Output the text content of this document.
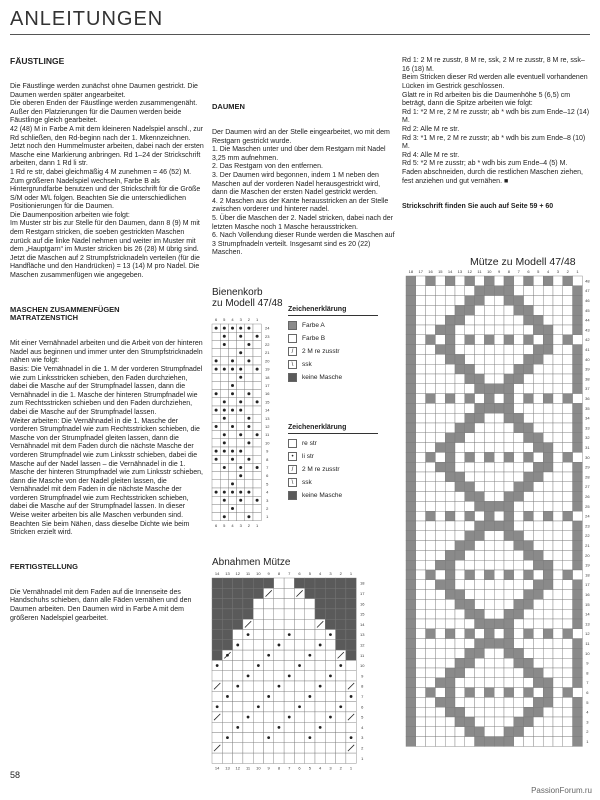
ANLEITUNGEN

FÄUSTLINGE

Die Fäustlinge werden zunächst ohne Daumen gestrickt. Die Daumen werden später angearbeitet.
Die oberen Enden der Fäustlinge werden zusammengenäht. Außer den Platzierungen für die Daumen werden beide Fäustlinge gleich gearbeitet.
42 (48) M in Farbe A mit dem kleineren Nadelspiel anschl., zur Rd schließen, den Rd-beginn nach der 1. Mkennzeichnen. Jetzt noch den Hummelmuster arbeiten, dabei nach der ersten Masche eine Markierung anbringen. Rd 1–24 der Strickschrift arbeiten, dann 1 Rd li str.
1 Rd re str, dabei gleichmäßig 4 M zunehmen = 46 (52) M.
Zum größeren Nadelspiel wechseln, Farbe B als Hintergrundfarbe benutzen und der Strickschrift für die Größe S/M oder M/L folgen. Beachten Sie die unterschiedlichen Positionierungen für die Daumen.
Die Daumenposition arbeiten wie folgt:
Im Muster str bis zur Stelle für den Daumen, dann 8 (9) M mit dem Restgarn stricken, die soeben gestrickten Maschen zurück auf die linke Nadel nehmen und weiter im Muster mit dem „Hauptgarn“ im Muster stricken bis 26 (28) M übrig sind.
Jetzt die Maschen auf 2 Strumpfstricknadeln verteilen (für die Handfläche und den Handrücken) = 13 (14) M pro Nadel. Die Maschen zusammenfügen wie angegeben.

MASCHEN ZUSAMMENFÜGEN
MATRATZENSTICH

Mit einer Vernähnadel arbeiten und die Arbeit von der hinteren Nadel aus beginnen und immer unter den Strumpfstricknadeln nähen wie folgt:
Basis: Die Vernähnadel in die 1. M der vorderen Strumpfnadel wie zum Linksstricken schieben, den Faden durchziehen, dabei die Masche auf der Strumpfnadel lassen, dann die Vernähnadel in die 1. Masche der hinteren Strumpfnadel wie zum Rechtsstricken schieben und den Faden durchziehen, dabei die Masche auf der Strumpfnadel lassen.
Weiter arbeiten: Die Vernähnadel in die 1. Masche der vorderen Strumpfnadel wie zum Rechtsstricken schieben, die Masche von der Strumpfnadel gleiten lassen, dann die Vernähnadel mit dem Faden durch die nächste Masche der vorderen Strumpfnadel wie zum Linksstr schieben, dabei die Masche auf der Nadel lassen – die Vernähnadel in die 1. Masche der hinteren Strumpfnadel wie zum Linksstr schieben, dann die Masche von der Nadel gleiten lassen, die Vernähnadel mit dem Faden in die nächste Masche der vorderen Strumpfnadel wie zum Rechtsstricken schieben, dabei die Masche auf der Strumpfnadel lassen. In dieser Weise weiter arbeiten bis alle Maschen verbunden sind. Beachten Sie beim Nähen, dass dieselbe Dichte wie beim Stricken erzielt wird.

FERTIGSTELLUNG

Die Vernähnadel mit dem Faden auf die Innenseite des Handschuhs schieben, dann alle Fäden vernähen und den Daumen arbeiten. Den Daumen wird in Farbe A mit dem größeren Nadelspiel gearbeitet.

DAUMEN

Der Daumen wird an der Stelle eingearbeitet, wo mit dem Restgarn gestrickt wurde.
1. Die Maschen unter und über dem Restgarn mit Nadel 3,25 mm aufnehmen.
2. Das Restgarn von den entfernen.
3. Der Daumen wird begonnen, indem 1 M neben den Maschen auf der vorderen Nadel herausgestrickt wird, dann die Maschen der ersten Nadel gestrickt werden.
4. 2 Maschen aus der Kante herausstricken an der Stelle zwischen vorderer und hinterer nadel.
5. Über die Maschen der 2. Nadel stricken, dabei nach der letzten Masche noch 1 Masche herausstricken.
6. Nach Vollendung dieser Runde werden die Maschen auf 3 Strumpfnadeln verteilt. Insgesamt sind es 20 (22) Maschen.

Rd 1: 2 M re zusstr, 8 M re, ssk, 2 M re zusstr, 8 M re, ssk–16 (18) M.
Beim Stricken dieser Rd werden alle eventuell vorhandenen Lücken im Gestrick geschlossen.
Glatt re in Rd arbeiten bis die Daumenhöhe 5 (6,5) cm beträgt, dann die Spitze arbeiten wie folgt:
Rd 1: *2 M re, 2 M re zusstr; ab * wdh bis zum Ende–12 (14) M.
Rd 2: Alle M re str.
Rd 3: *1 M re, 2 M re zusstr; ab * wdh bis zum Ende–8 (10) M.
Rd 4: Alle M re str.
Rd 5: *2 M re zusstr; ab * wdh bis zum Ende–4 (5) M.
Faden abschneiden, durch die restlichen Maschen ziehen, fest anziehen und gut vernähen. ■

Strickschrift finden Sie auch auf Seite 59 + 60

Bienenkorb
zu Modell 47/48
6 5 4 3 2 1
24
23
22
21
20
19
18
17
16
15
14
13
12
11
10
9
8
7
6
5
4
3
2
1
6 5 4 3 2 1
Zeichenerklärung
Farbe A
Farbe B
/	2 M re zusstr
\	ssk
keine Masche
Zeichenerklärung
re str
•	li str
/	2 M re zusstr
\	ssk
keine Masche
Abnahmen Mütze
14 13 12 11 10 9 8 7 6 5 4 3 2 1
18
17
16
15
14
13
12
11
10
9
8
7
6
5
4
3
2
1
14 13 12 11 10 9 8 7 6 5 4 3 2 1
Mütze zu Modell 47/48
18 17 16 15 14 13 12 11 10 9 8 7 6 5 4 3 2 1
48
47
46
45
44
43
42
41
40
39
38
37
36
35
34
33
32
31
30
29
28
27
26
25
24
23
22
21
20
19
18
17
16
15
14
13
12
11
10
9
8
7
6
5
4
3
2
1
58
PassionForum.ru
